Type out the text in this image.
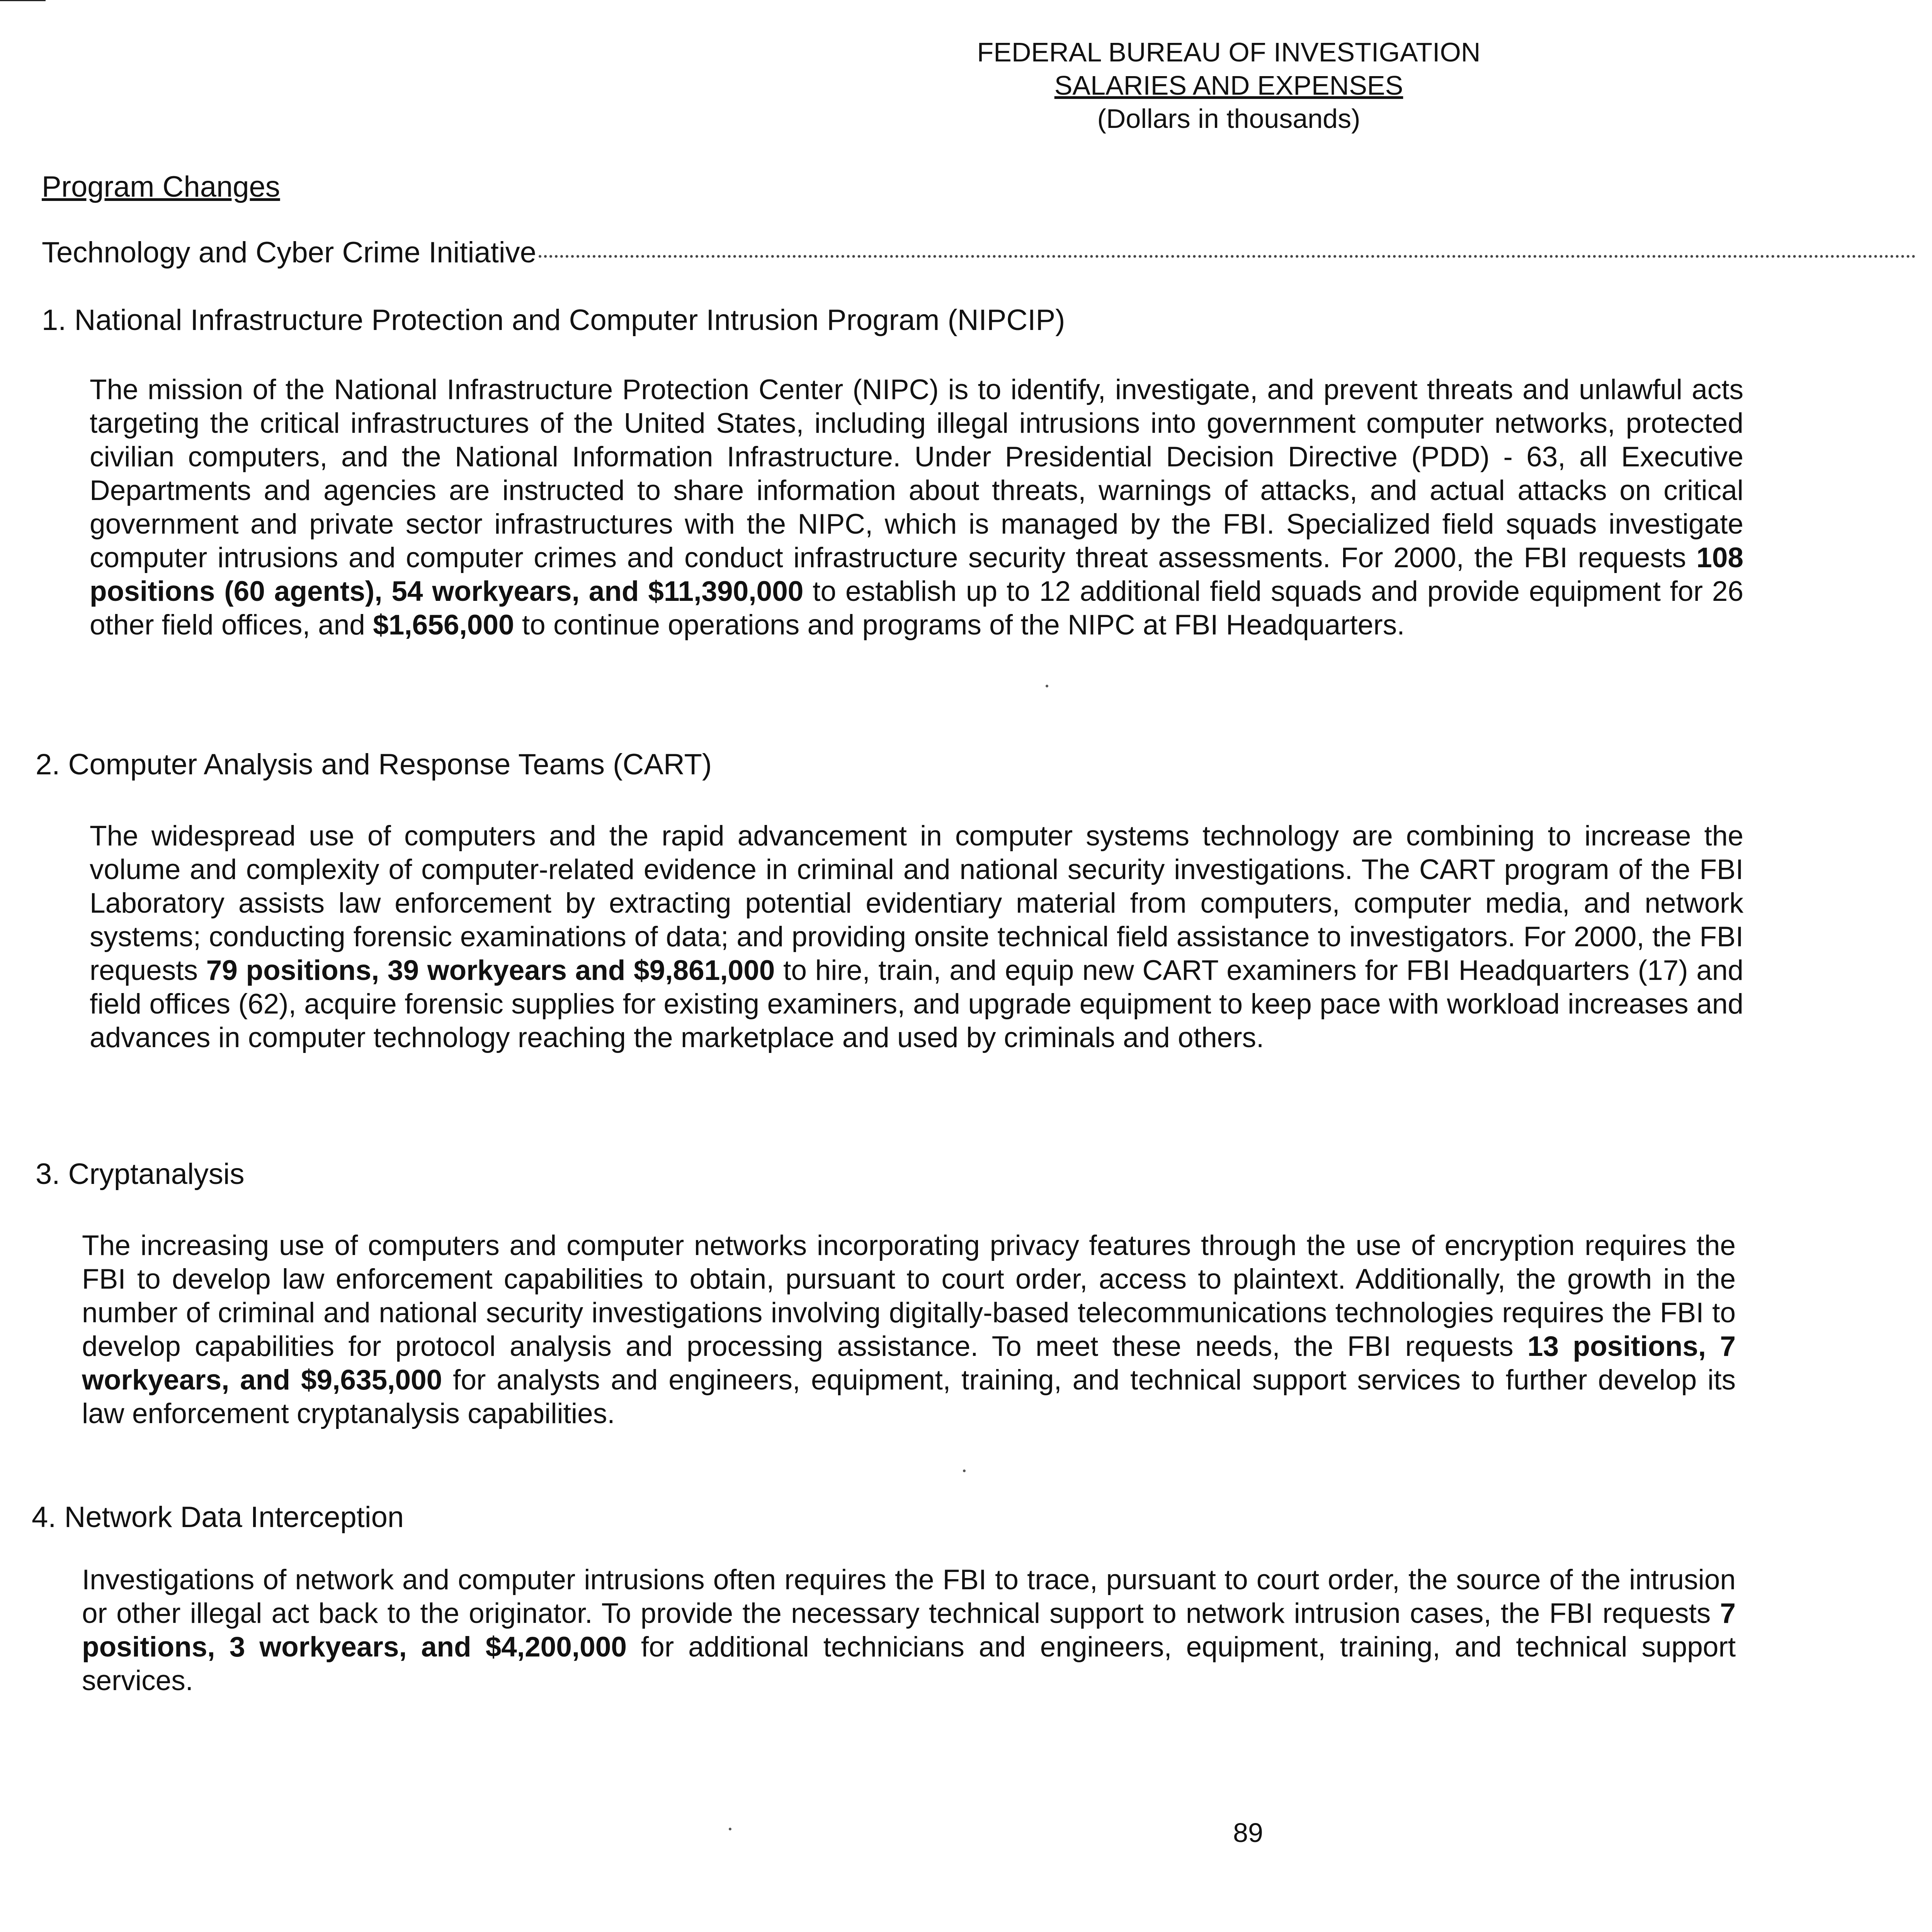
FEDERAL BUREAU OF INVESTIGATION
SALARIES AND EXPENSES
(Dollars in thousands)
Program Changes
Technology and Cyber Crime Initiative
1. National Infrastructure Protection and Computer Intrusion Program (NIPCIP)
The mission of the National Infrastructure Protection Center (NIPC) is to identify, investigate, and prevent threats and unlawful acts targeting the critical infrastructures of the United States, including illegal intrusions into government computer networks, protected civilian computers, and the National Information Infrastructure. Under Presidential Decision Directive (PDD) - 63, all Executive Departments and agencies are instructed to share information about threats, warnings of attacks, and actual attacks on critical government and private sector infrastructures with the NIPC, which is managed by the FBI. Specialized field squads investigate computer intrusions and computer crimes and conduct infrastructure security threat assessments. For 2000, the FBI requests 108 positions (60 agents), 54 workyears, and $11,390,000 to establish up to 12 additional field squads and provide equipment for 26 other field offices, and $1,656,000 to continue operations and programs of the NIPC at FBI Headquarters.
2. Computer Analysis and Response Teams (CART)
The widespread use of computers and the rapid advancement in computer systems technology are combining to increase the volume and complexity of computer-related evidence in criminal and national security investigations. The CART program of the FBI Laboratory assists law enforcement by extracting potential evidentiary material from computers, computer media, and network systems; conducting forensic examinations of data; and providing onsite technical field assistance to investigators. For 2000, the FBI requests 79 positions, 39 workyears and $9,861,000 to hire, train, and equip new CART examiners for FBI Headquarters (17) and field offices (62), acquire forensic supplies for existing examiners, and upgrade equipment to keep pace with workload increases and advances in computer technology reaching the marketplace and used by criminals and others.
3. Cryptanalysis
The increasing use of computers and computer networks incorporating privacy features through the use of encryption requires the FBI to develop law enforcement capabilities to obtain, pursuant to court order, access to plaintext. Additionally, the growth in the number of criminal and national security investigations involving digitally-based telecommunications technologies requires the FBI to develop capabilities for protocol analysis and processing assistance. To meet these needs, the FBI requests 13 positions, 7 workyears, and $9,635,000 for analysts and engineers, equipment, training, and technical support services to further develop its law enforcement cryptanalysis capabilities.
4. Network Data Interception
Investigations of network and computer intrusions often requires the FBI to trace, pursuant to court order, the source of the intrusion or other illegal act back to the originator. To provide the necessary technical support to network intrusion cases, the FBI requests 7 positions, 3 workyears, and $4,200,000 for additional technicians and engineers, equipment, training, and technical support services.
89
